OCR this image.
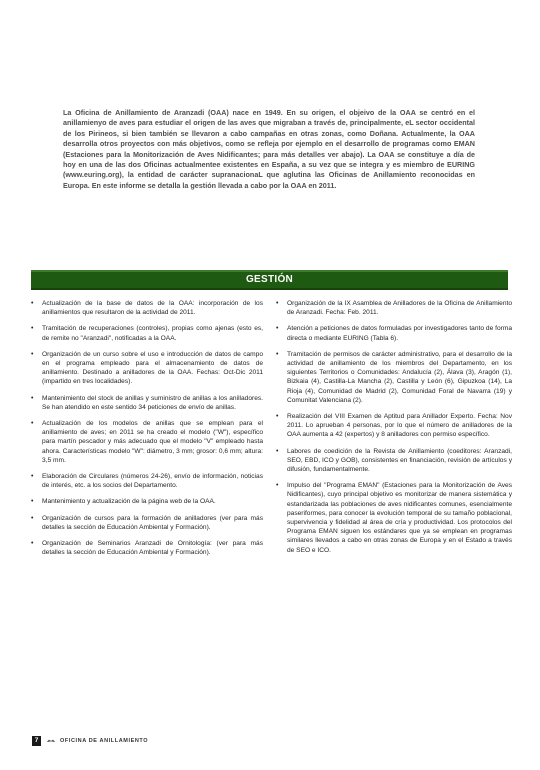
La Oficina de Anillamiento de Aranzadi (OAA) nace en 1949. En su origen, el objeivo de la OAA se centró en el anillamienyo de aves para estudiar el origen de las aves que migraban a través de, principalmente, eL sector occidental de los Pirineos, si bien también se llevaron a cabo campañas en otras zonas, como Doñana. Actualmente, la OAA desarrolla otros proyectos con más objetivos, como se refleja por ejemplo en el desarrollo de programas como EMAN (Estaciones para la Monitorización de Aves Nidificantes; para más detalles ver abajo). La OAA se constituye a día de hoy en una de las dos Oficinas actualmentee existentes en España, a su vez que se integra y es miembro de EURING (www.euring.org), la entidad de carácter supranacionaL que aglutina las Oficinas de Anillamiento reconocidas en Europa. En este informe se detalla la gestión llevada a cabo por la OAA en 2011.
GESTIÓN
• Actualización de la base de datos de la OAA: incorporación de los anillamientos que resultaron de la actividad de 2011.
• Tramitación de recuperaciones (controles), propias como ajenas (esto es, de remite no "Aranzadi", notificadas a la OAA.
• Organización de un curso sobre el uso e introducción de datos de campo en el programa empleado para el almacenamiento de datos de anillamiento. Destinado a anilladores de la OAA. Fechas: Oct-Dic 2011 (impartido en tres localidades).
• Mantenimiento del stock de anillas y suministro de anillas a los anilladores. Se han atendido en este sentido 34 peticiones de envío de anillas.
• Actualización de los modelos de anillas que se emplean para el anillamiento de aves; en 2011 se ha creado el modelo ("W"), específico para martín pescador y más adecuado que el modelo "V" empleado hasta ahora. Características modelo "W": diámetro, 3 mm; grosor: 0,6 mm; altura: 3,5 mm.
• Elaboración de Circulares (números 24-26), envío de información, noticias de interés, etc. a los socios del Departamento.
• Mantenimiento y actualización de la página web de la OAA.
• Organización de cursos para la formación de anilladores (ver para más detalles la sección de Educación Ambiental y Formación).
• Organización de Seminarios Aranzadi de Ornitología: (ver para más detalles la sección de Educación Ambiental y Formación).
• Organización de la IX Asamblea de Anilladores de la Oficina de Anillamiento de Aranzadi. Fecha: Feb. 2011.
• Atención a peticiones de datos formuladas por investigadores tanto de forma directa o mediante EURING (Tabla 6).
• Tramitación de permisos de carácter administrativo, para el desarrollo de la actividad de anillamiento de los miembros del Departamento, en los siguientes Territorios o Comunidades: Andalucía (2), Álava (3), Aragón (1), Bizkaia (4), Castilla-La Mancha (2), Castilla y León (6), Gipuzkoa (14), La Rioja (4), Comunidad de Madrid (2), Comunidad Foral de Navarra (19) y Comunitat Valenciana (2).
• Realización del VIII Examen de Aptitud para Anillador Experto. Fecha: Nov 2011. Lo aprueban 4 personas, por lo que el número de anilladores de la OAA aumenta a 42 (expertos) y 8 anilladores con permiso específico.
• Labores de coedición de la Revista de Anillamiento (coeditores: Aranzadi, SEO, EBD, ICO y GOB), consistentes en financiación, revisión de artículos y difusión, fundamentalmente.
• Impulso del "Programa EMAN" (Estaciones para la Monitorización de Aves Nidificantes), cuyo principal objetivo es monitorizar de manera sistemática y estandarizada las poblaciones de aves nidificantes comunes, esencialmente paseriformes, para conocer la evolución temporal de su tamaño poblacional, supervivencia y fidelidad al área de cría y productividad. Los protocolos del Programa EMAN siguen los estándares que ya se emplean en programas similares llevados a cabo en otras zonas de Europa y en el Estado a través de SEO e ICO.
7	OFICINA DE ANILLAMIENTO
